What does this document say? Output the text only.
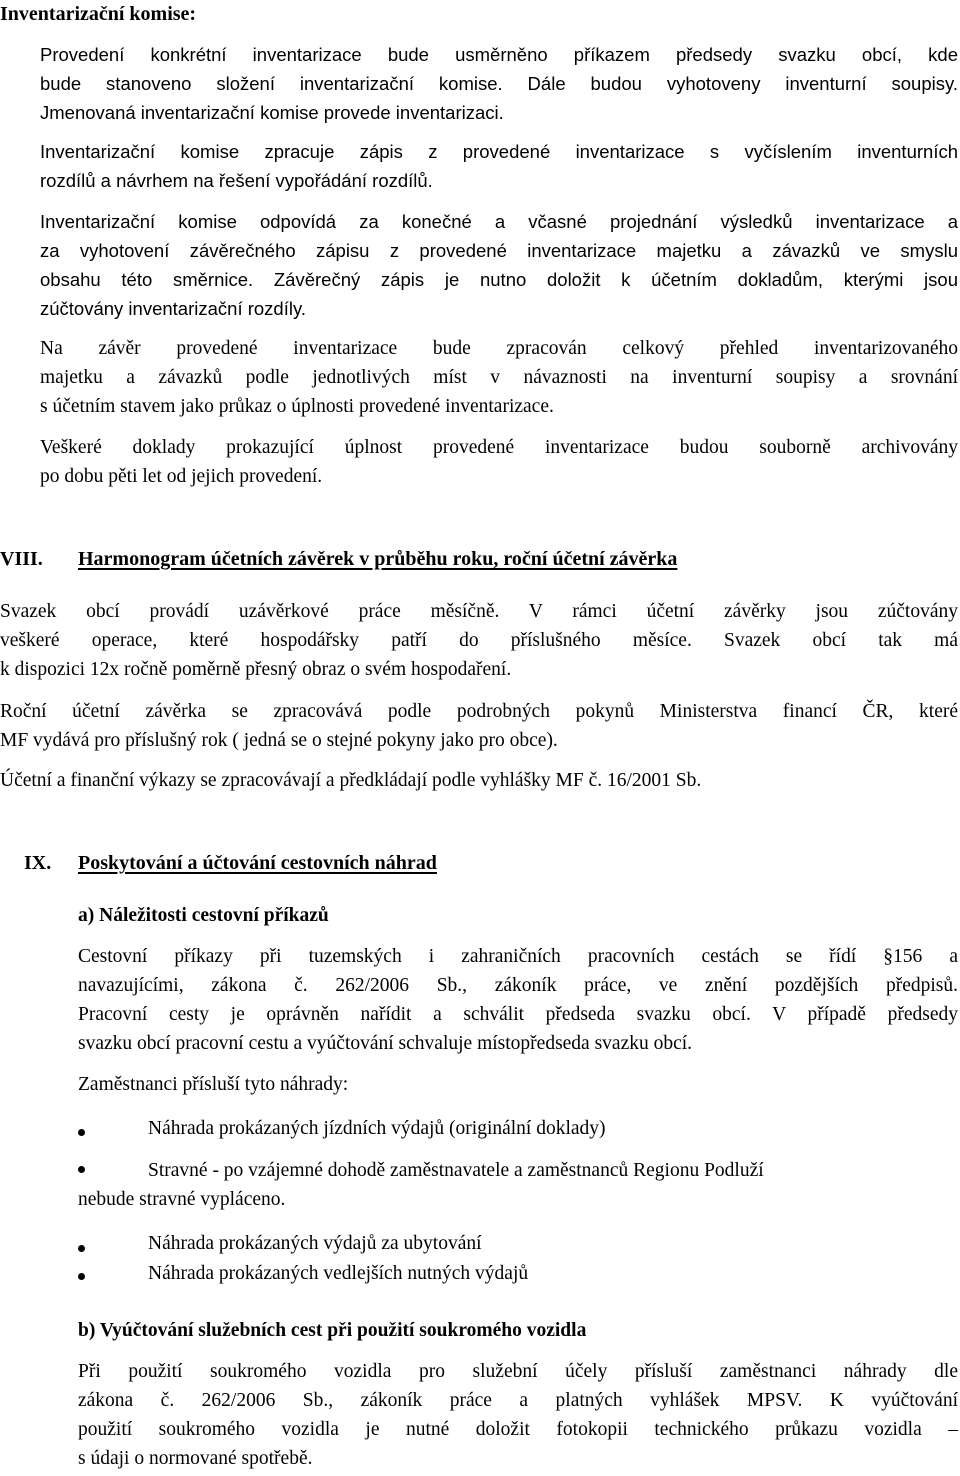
Inventarizační komise:
Provedení konkrétní inventarizace bude usměrněno příkazem předsedy svazku obcí, kde
bude stanoveno složení inventarizační komise. Dále budou vyhotoveny inventurní soupisy.
Jmenovaná inventarizační komise provede inventarizaci.
Inventarizační komise zpracuje zápis z provedené inventarizace s vyčíslením inventurních
rozdílů a návrhem na řešení vypořádání rozdílů.
Inventarizační komise odpovídá za konečné a včasné projednání výsledků inventarizace a
za vyhotovení závěrečného zápisu z provedené inventarizace majetku a závazků ve smyslu
obsahu této směrnice. Závěrečný zápis je nutno doložit k účetním dokladům, kterými jsou
zúčtovány inventarizační rozdíly.
Na závěr provedené inventarizace bude zpracován celkový přehled inventarizovaného
majetku a závazků podle jednotlivých míst v návaznosti na inventurní soupisy a srovnání
s účetním stavem jako průkaz o úplnosti provedené inventarizace.
Veškeré doklady prokazující úplnost provedené inventarizace budou souborně archivovány
po dobu pěti let od jejich provedení.
VIII. Harmonogram účetních závěrek v průběhu roku, roční účetní závěrka
Svazek obcí provádí uzávěrkové práce měsíčně. V rámci účetní závěrky jsou zúčtovány
veškeré operace, které hospodářsky patří do příslušného měsíce. Svazek obcí tak má
k dispozici 12x ročně poměrně přesný obraz o svém hospodaření.
Roční účetní závěrka se zpracovává podle podrobných pokynů Ministerstva financí ČR, které
MF vydává pro příslušný rok ( jedná se o stejné pokyny jako pro obce).
Účetní a finanční výkazy se zpracovávají a předkládají podle vyhlášky MF č. 16/2001 Sb.
IX. Poskytování a účtování cestovních náhrad
a) Náležitosti cestovní příkazů
Cestovní příkazy při tuzemských i zahraničních pracovních cestách se řídí §156 a
navazujícími, zákona č. 262/2006 Sb., zákoník práce, ve znění pozdějších předpisů.
Pracovní cesty je oprávněn nařídit a schválit předseda svazku obcí. V případě předsedy
svazku obcí pracovní cestu a vyúčtování schvaluje místopředseda svazku obcí.
Zaměstnanci přísluší tyto náhrady:
Náhrada prokázaných jízdních výdajů (originální doklady)
Stravné - po vzájemné dohodě zaměstnavatele a zaměstnanců Regionu Podluží
nebude stravné vypláceno.
Náhrada prokázaných výdajů za ubytování
Náhrada prokázaných vedlejších nutných výdajů
b) Vyúčtování služebních cest při použití soukromého vozidla
Při použití soukromého vozidla pro služební účely přísluší zaměstnanci náhrady dle
zákona č. 262/2006 Sb., zákoník práce a platných vyhlášek MPSV. K vyúčtování
použití soukromého vozidla je nutné doložit fotokopii technického průkazu vozidla –
s údaji o normované spotřebě.
